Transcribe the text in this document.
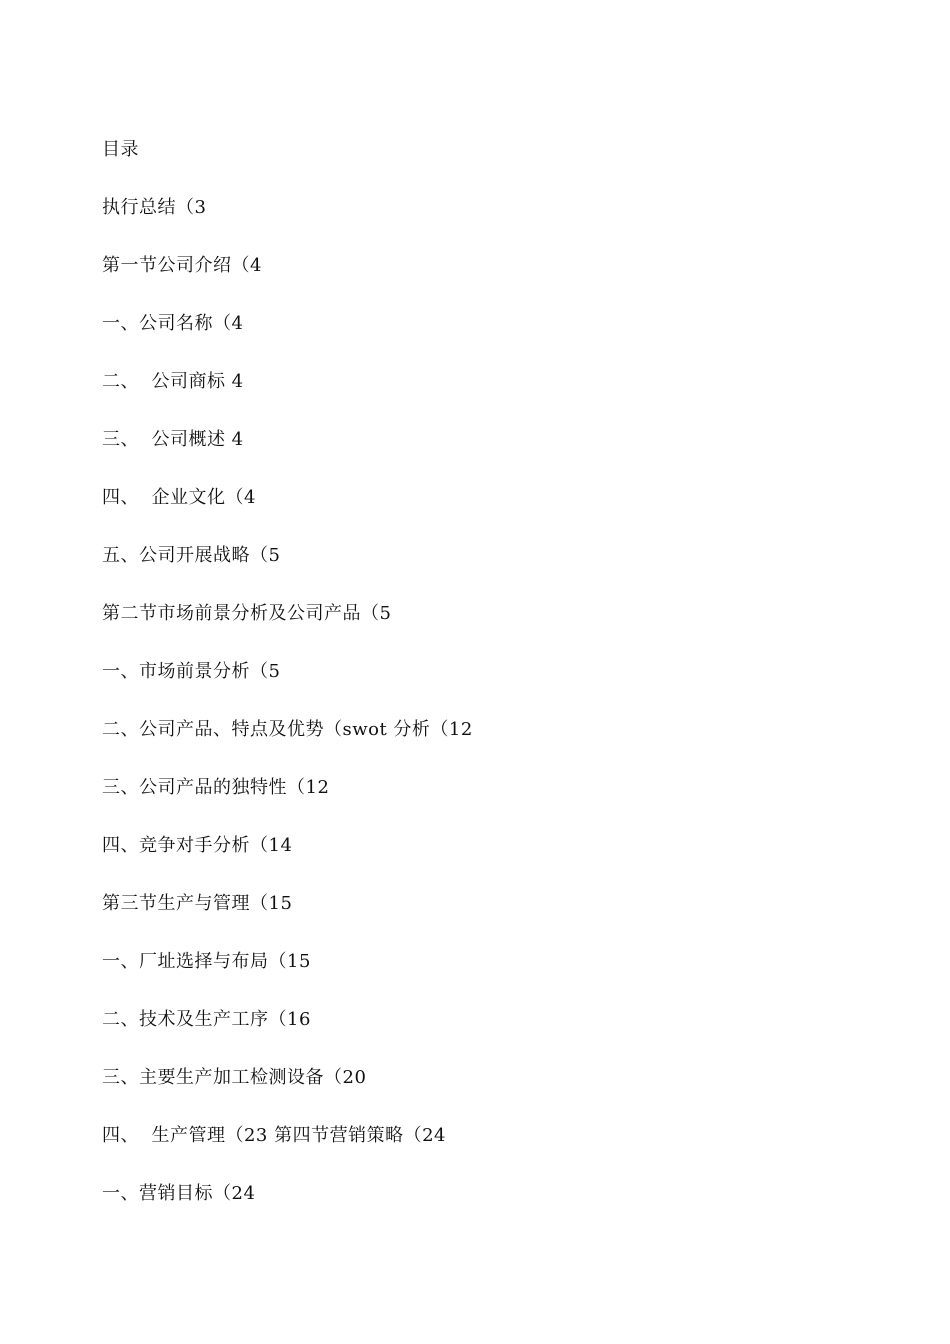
目录
执行总结（3
第一节公司介绍（4
一、公司名称（4
二、  公司商标 4
三、  公司概述 4
四、  企业文化（4
五、公司开展战略（5
第二节市场前景分析及公司产品（5
一、市场前景分析（5
二、公司产品、特点及优势（swot 分析（12
三、公司产品的独特性（12
四、竞争对手分析（14
第三节生产与管理（15
一、厂址选择与布局（15
二、技术及生产工序（16
三、主要生产加工检测设备（20
四、  生产管理（23 第四节营销策略（24
一、营销目标（24
